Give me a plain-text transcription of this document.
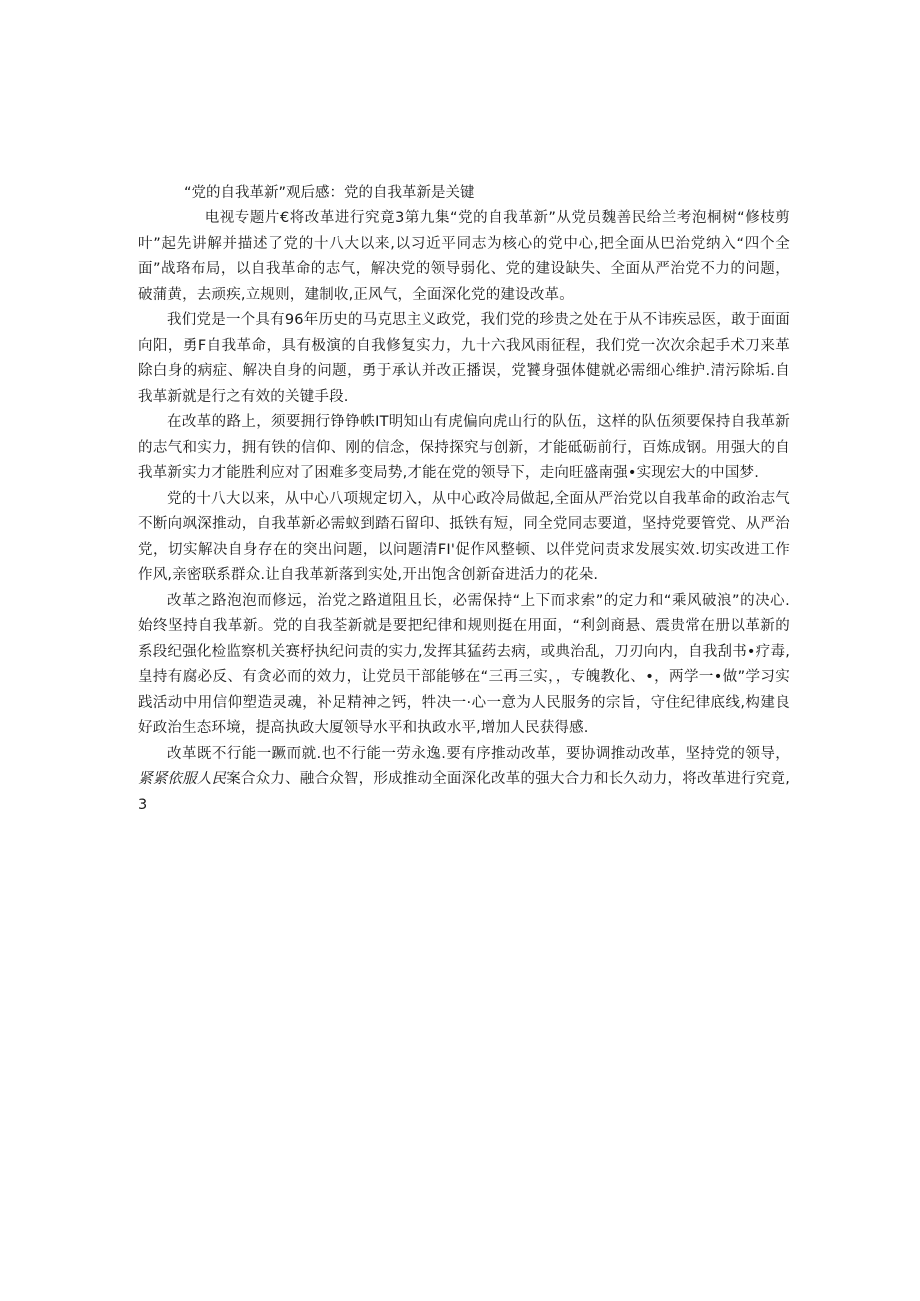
“党的自我革新”观后感：党的自我革新是关键

电视专题片€将改革进行究竟3第九集“党的自我革新”从党员魏善民给兰考泡桐树“修枝剪叶”起先讲解并描述了党的十八大以来,以习近平同志为核心的党中心,把全面从巴治党纳入“四个全面”战珞布局，以自我革命的志气，解决党的领导弱化、党的建设缺失、全面从严治党不力的问题，破蒲黄，去顽疾,立规则，建制收,正风气，全面深化党的建设改革。

我们党是一个具有96年历史的马克思主义政党，我们党的珍贵之处在于从不讳疾忌医，敢于面面向阳，勇F自我革命，具有极演的自我修复实力，九十六我风雨征程，我们党一次次余起手术刀来革除白身的病症、解决自身的问题，勇于承认并改正播误，党饕身强体健就必需细心维护.清污除垢.自我革新就是行之有效的关键手段.

在改革的路上，须要拥行铮铮帙IT明知山有虎偏向虎山行的队伍，这样的队伍须要保持自我革新的志气和实力，拥有铁的信仰、刚的信念，保持探究与创新，才能砥砺前行，百炼成钢。用强大的自我革新实力才能胜利应对了困难多变局势,才能在党的领导下，走向旺盛南强•实现宏大的中国梦.

党的十八大以来，从中心八项规定切入，从中心政冷局做起,全面从严治党以自我革命的政治志气不断向飒深推动，自我革新必需蚁到踏石留印、抵铁有短，同全党同志要道，坚持党要管党、从严治党，切实解决自身存在的突出问题，以问题清FI'促作风整顿、以伴党问责求发展实效.切实改进工作作风,亲密联系群众.让自我革新落到实处,开出饱含创新奋进活力的花朵.

改革之路泡泡而修远，治党之路道阻且长，必需保持“上下而求索”的定力和“乘风破浪”的决心.始终坚持自我革新。党的自我荃新就是要把纪律和规则挺在用面，“利剑商悬、震贵常在册以革新的系段纪强化检监察机关赛杼执纪问责的实力,发挥其猛药去病，或典治乱，刀刃向内，自我刮书•疗毒,皇持有腐必反、有贪必而的效力，让党员干部能够在“三再三实，，专魄教化、•，两学一•做”学习实践活动中用信仰塑造灵魂，补足精神之钙，牪决一·心一意为人民服务的宗旨，守住纪律底线,构建良好政治生态环境，提高执政大厦领导水平和执政水平,增加人民获得感.

改革既不行能一蹶而就.也不行能一劳永逸.要有序推动改革，要协调推动改革，坚持党的领导，紧紧依服人民案合众力、融合众智，形成推动全面深化改革的强大合力和长久动力，将改革进行究竟,3
